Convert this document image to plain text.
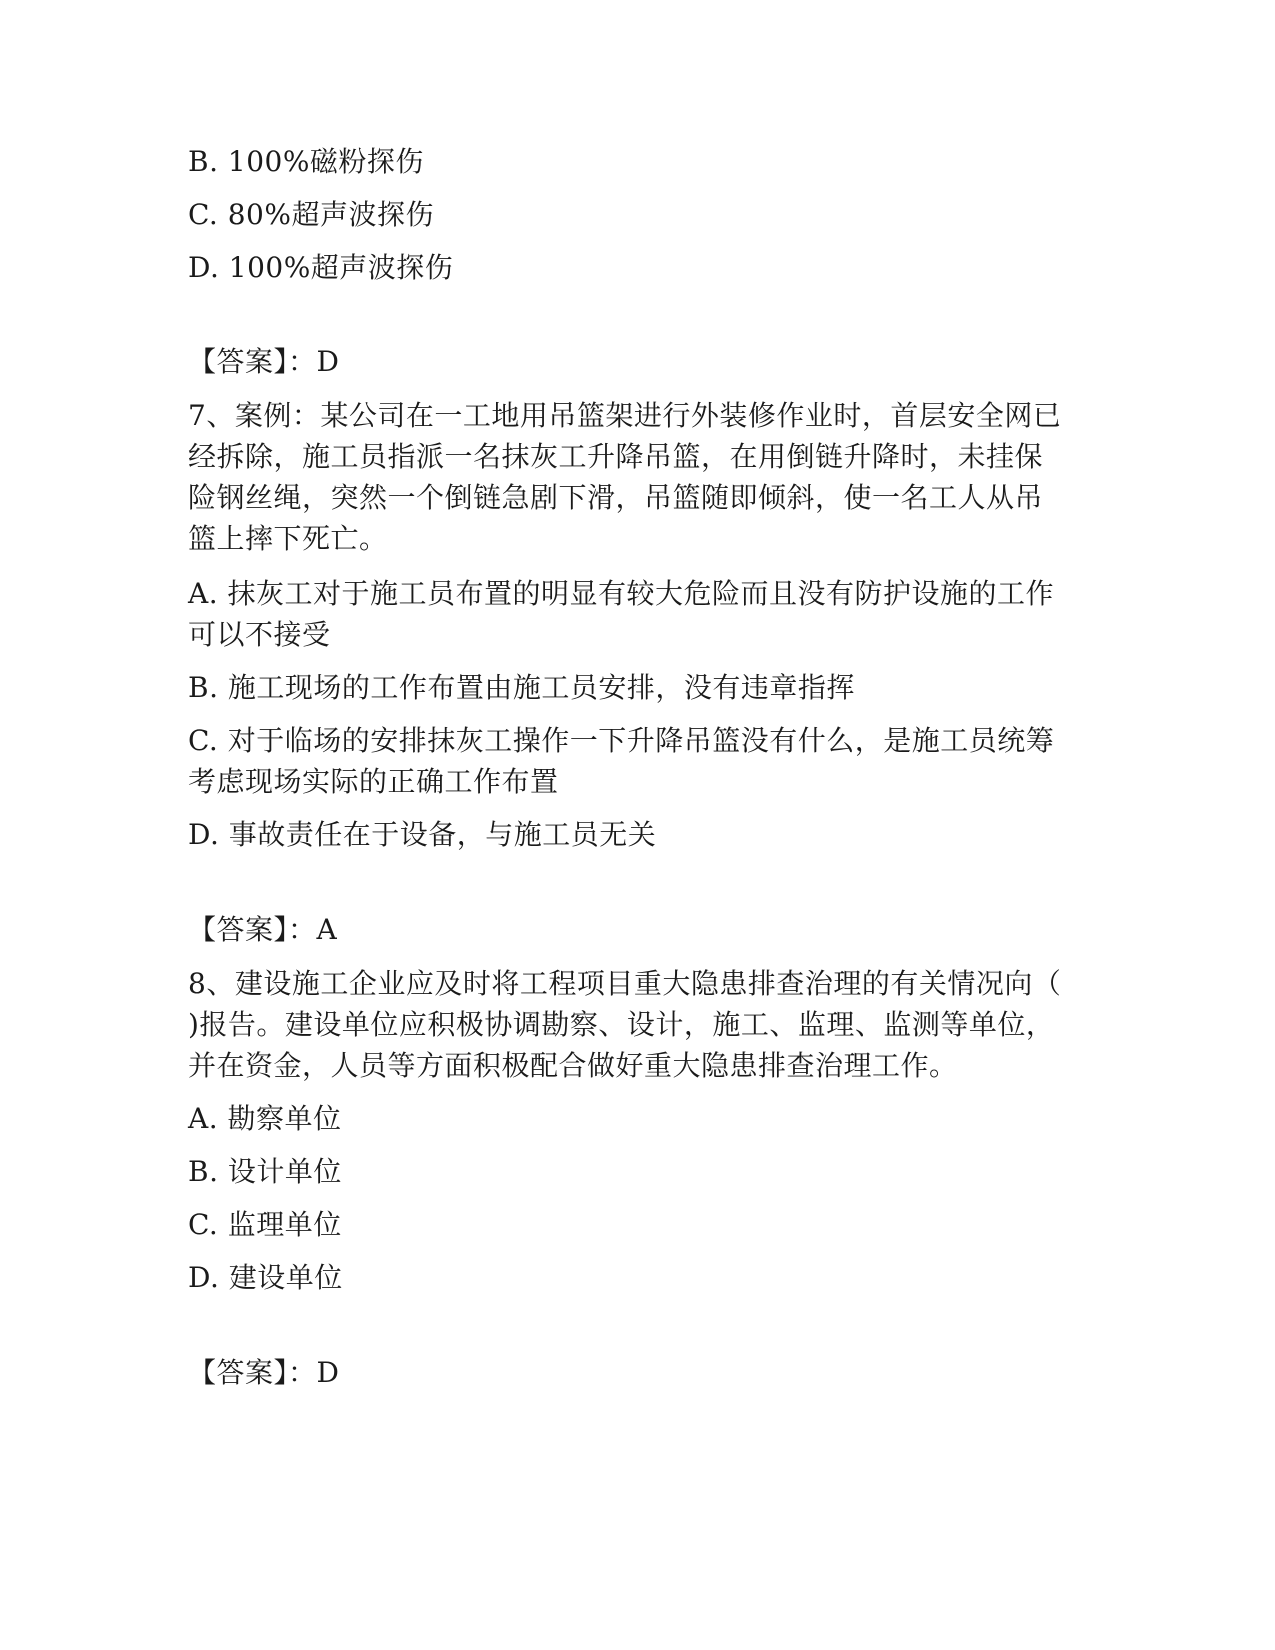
B. 100%磁粉探伤
C. 80%超声波探伤
D. 100%超声波探伤
【答案】：D
7、案例：某公司在一工地用吊篮架进行外装修作业时，首层安全网已
经拆除，施工员指派一名抹灰工升降吊篮，在用倒链升降时，未挂保
险钢丝绳，突然一个倒链急剧下滑，吊篮随即倾斜，使一名工人从吊
篮上摔下死亡。
A. 抹灰工对于施工员布置的明显有较大危险而且没有防护设施的工作
可以不接受
B. 施工现场的工作布置由施工员安排，没有违章指挥
C. 对于临场的安排抹灰工操作一下升降吊篮没有什么，是施工员统筹
考虑现场实际的正确工作布置
D. 事故责任在于设备，与施工员无关
【答案】：A
8、建设施工企业应及时将工程项目重大隐患排查治理的有关情况向（
)报告。建设单位应积极协调勘察、设计，施工、监理、监测等单位，
并在资金，人员等方面积极配合做好重大隐患排查治理工作。
A. 勘察单位
B. 设计单位
C. 监理单位
D. 建设单位
【答案】：D
